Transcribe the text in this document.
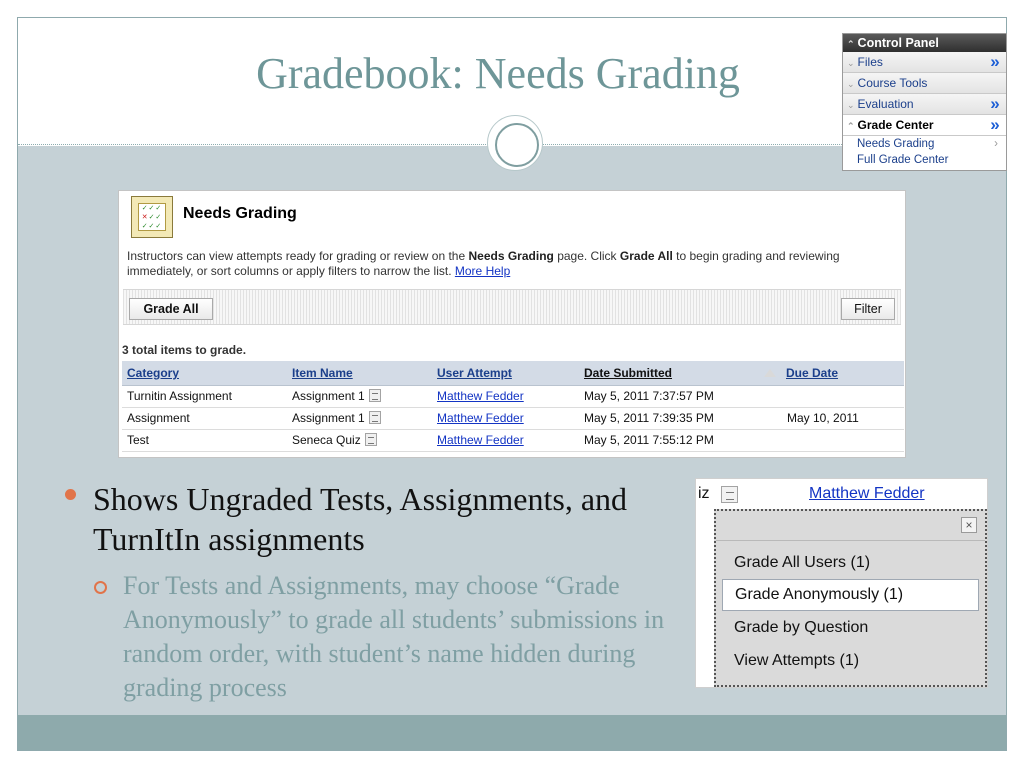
Gradebook: Needs Grading
Shows Ungraded Tests, Assignments, and TurnItIn assignments
For Tests and Assignments, may choose “Grade Anonymously” to grade all students’ submissions in random order, with student’s name hidden during grading process
⌃ Control Panel
⌄ Files	»
⌄ Course Tools
⌄ Evaluation	»
⌃ Grade Center	»
Needs Grading	›
Full Grade Center
✓✓✓
✕✓✓
✓✓✓
Needs Grading
Instructors can view attempts ready for grading or review on the Needs Grading page. Click Grade All to begin grading and reviewing immediately, or sort columns or apply filters to narrow the list. More Help
Grade All	Filter
3 total items to grade.
Category	Item Name	User Attempt	Date Submitted	Due Date
Turnitin Assignment	Assignment 1	Matthew Fedder	May 5, 2011 7:37:57 PM	
Assignment	Assignment 1	Matthew Fedder	May 5, 2011 7:39:35 PM	May 10, 2011
Test	Seneca Quiz	Matthew Fedder	May 5, 2011 7:55:12 PM	
iz	Matthew Fedder
×
Grade All Users (1)
Grade Anonymously (1)
Grade by Question
View Attempts (1)
